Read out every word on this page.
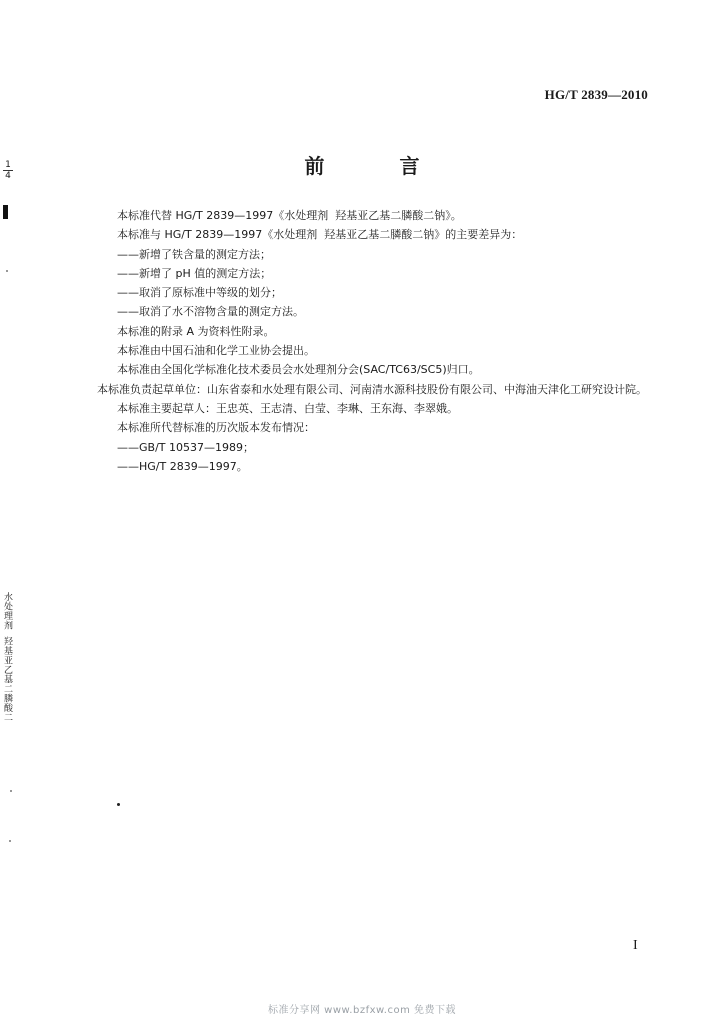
HG/T 2839—2010
前 言
1
4

本标准代替 HG/T 2839—1997《水处理剂  羟基亚乙基二膦酸二钠》。

本标准与 HG/T 2839—1997《水处理剂  羟基亚乙基二膦酸二钠》的主要差异为：

——新增了铁含量的测定方法；

——新增了 pH 值的测定方法；

——取消了原标准中等级的划分；

——取消了水不溶物含量的测定方法。

本标准的附录 A 为资料性附录。

本标准由中国石油和化学工业协会提出。

本标准由全国化学标准化技术委员会水处理剂分会(SAC/TC63/SC5)归口。

本标准负责起草单位：山东省泰和水处理有限公司、河南清水源科技股份有限公司、中海油天津化工研究设计院。

本标准主要起草人：王忠英、王志清、白莹、李琳、王东海、李翠娥。

本标准所代替标准的历次版本发布情况：

——GB/T 10537—1989；

——HG/T 2839—1997。

水处理剂  羟基亚乙基二膦酸二
I
标准分享网 www.bzfxw.com 免费下载
